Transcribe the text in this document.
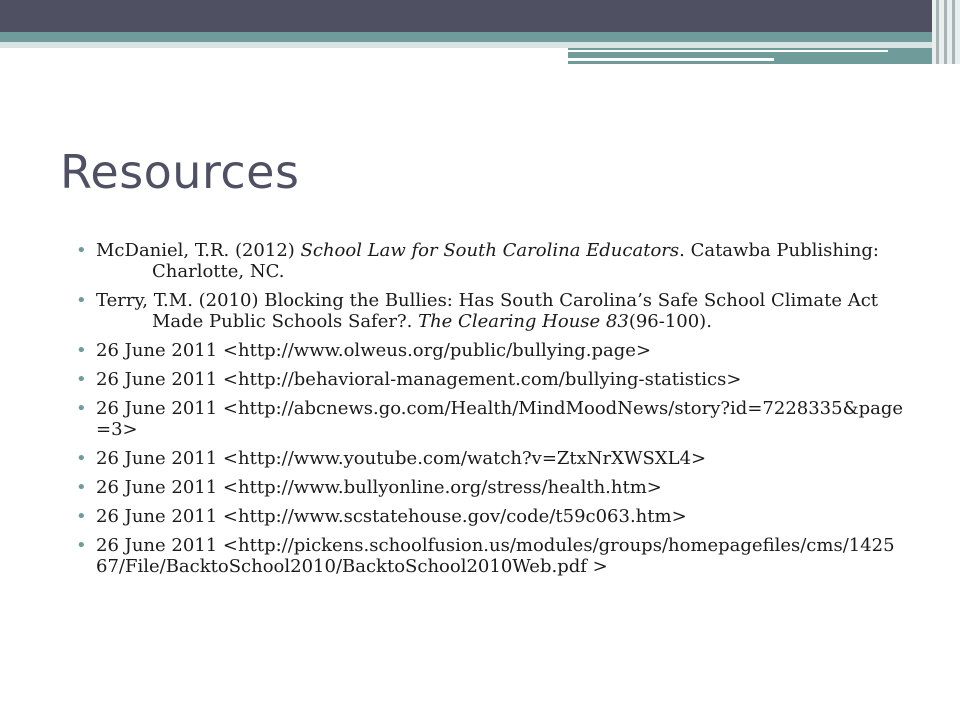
Resources
• McDaniel, T.R. (2012) School Law for South Carolina Educators. Catawba Publishing: Charlotte, NC.
• Terry, T.M. (2010) Blocking the Bullies: Has South Carolina’s Safe School Climate Act Made Public Schools Safer?. The Clearing House 83(96-100).
• 26 June 2011 <http://www.olweus.org/public/bullying.page>
• 26 June 2011 <http://behavioral-management.com/bullying-statistics>
• 26 June 2011 <http://abcnews.go.com/Health/MindMoodNews/story?id=7228335&page=3>
• 26 June 2011 <http://www.youtube.com/watch?v=ZtxNrXWSXL4>
• 26 June 2011 <http://www.bullyonline.org/stress/health.htm>
• 26 June 2011 <http://www.scstatehouse.gov/code/t59c063.htm>
• 26 June 2011 <http://pickens.schoolfusion.us/modules/groups/homepagefiles/cms/142567/File/BacktoSchool2010/BacktoSchool2010Web.pdf >
